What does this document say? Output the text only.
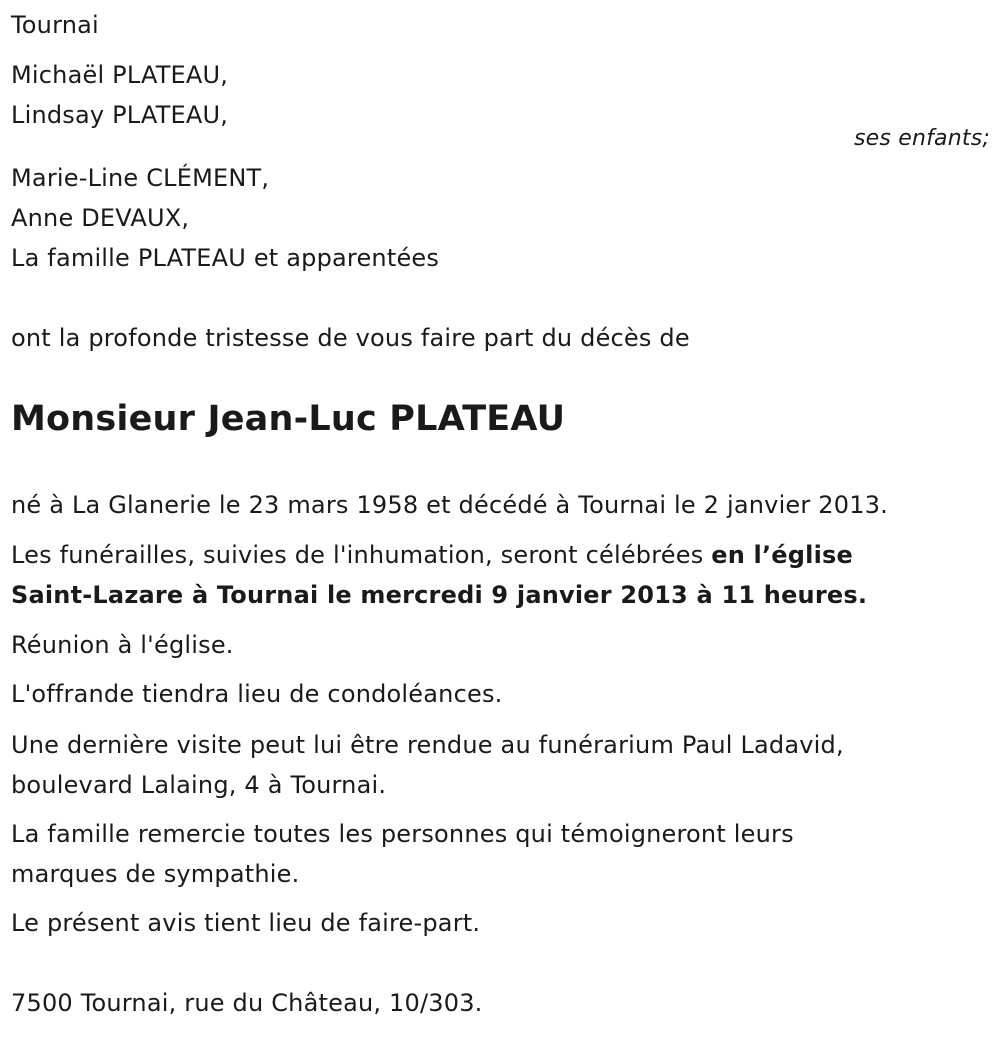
Tournai
Michaël PLATEAU,
Lindsay PLATEAU,
ses enfants;
Marie-Line CLÉMENT,
Anne DEVAUX,
La famille PLATEAU et apparentées
ont la profonde tristesse de vous faire part du décès de
Monsieur Jean-Luc PLATEAU
né à La Glanerie le 23 mars 1958 et décédé à Tournai le 2 janvier 2013.
Les funérailles, suivies de l'inhumation, seront célébrées en l’église
Saint-Lazare à Tournai le mercredi 9 janvier 2013 à 11 heures.
Réunion à l'église.
L'offrande tiendra lieu de condoléances.
Une dernière visite peut lui être rendue au funérarium Paul Ladavid,
boulevard Lalaing, 4 à Tournai.
La famille remercie toutes les personnes qui témoigneront leurs
marques de sympathie.
Le présent avis tient lieu de faire-part.
7500 Tournai, rue du Château, 10/303.
